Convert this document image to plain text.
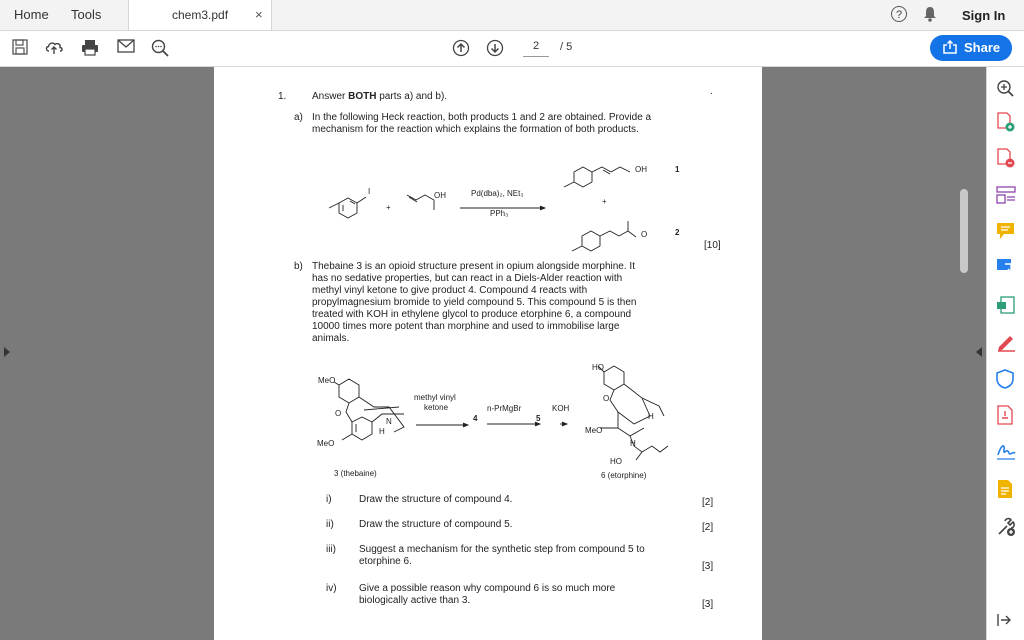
Home Tools	chem3.pdf ×	?	Sign In
2	/ 5	Share
1.	Answer BOTH parts a) and b).	.
a) In the following Heck reaction, both products 1 and 2 are obtained. Provide a
mechanism for the reaction which explains the formation of both products.
I
+
OH	Pd(dba)₂, NEt₃
PPh₃
OH	1
+
O	2
[10]
b) Thebaine 3 is an opioid structure present in opium alongside morphine. It
has no sedative properties, but can react in a Diels-Alder reaction with
methyl vinyl ketone to give product 4. Compound 4 reacts with
propylmagnesium bromide to yield compound 5. This compound 5 is then
treated with KOH in ethylene glycol to produce etorphine 6, a compound
10000 times more potent than morphine and used to immobilise large
animals.
MeO
O
N
H
MeO
3 (thebaine)
methyl vinyl
ketone
4
n-PrMgBr
5
KOH
HO
O
MeO
H
H
HO
6 (etorphine)
i)	Draw the structure of compound 4.	[2]
ii)	Draw the structure of compound 5.	[2]
iii) Suggest a mechanism for the synthetic step from compound 5 to
etorphine 6.	[3]
iv) Give a possible reason why compound 6 is so much more
biologically active than 3.	[3]
